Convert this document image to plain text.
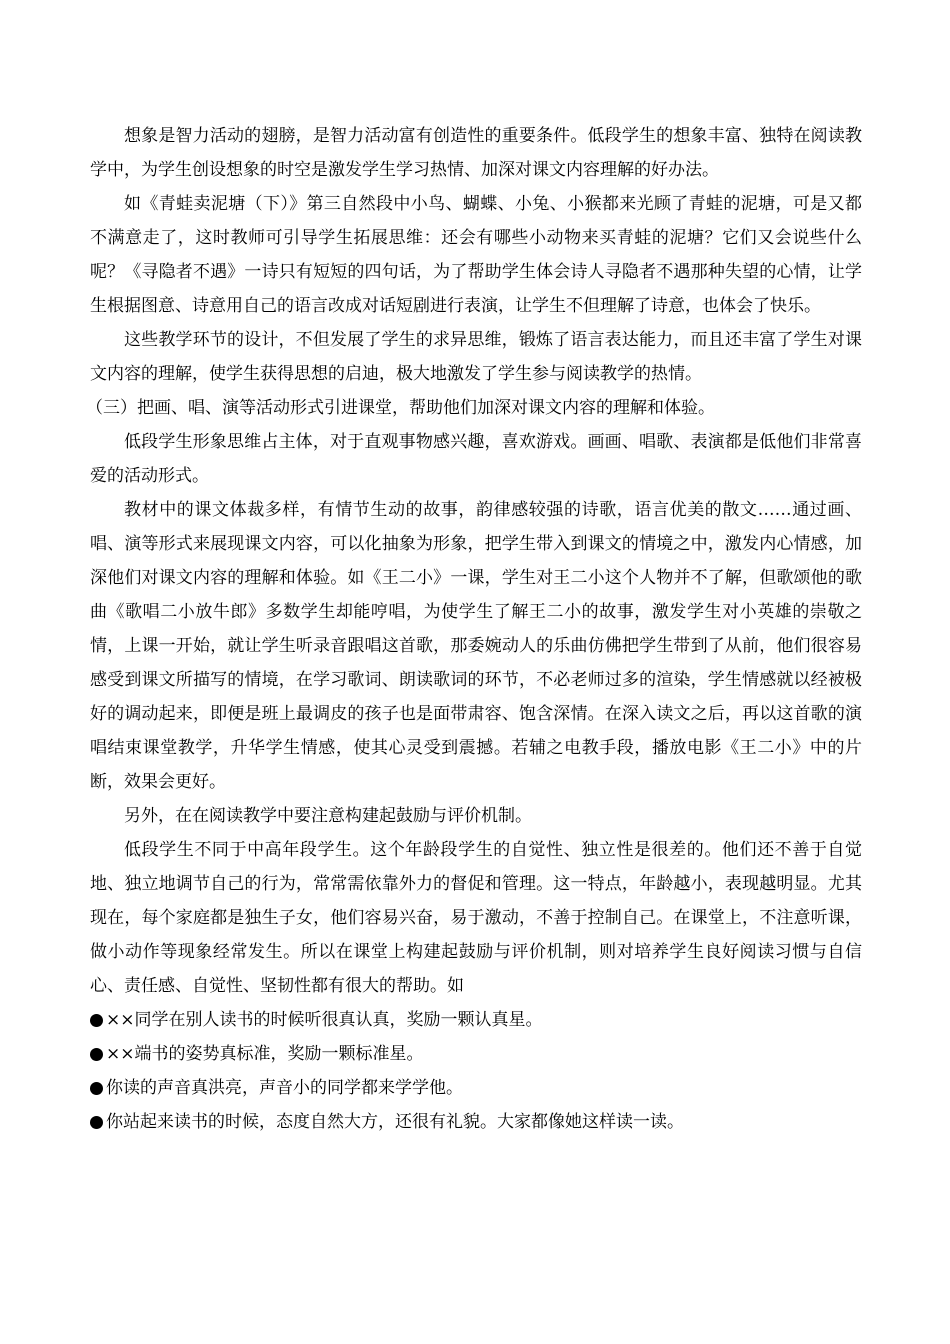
想象是智力活动的翅膀，是智力活动富有创造性的重要条件。低段学生的想象丰富、独特在阅读教学中，为学生创设想象的时空是激发学生学习热情、加深对课文内容理解的好办法。

如《青蛙卖泥塘（下）》第三自然段中小鸟、蝴蝶、小兔、小猴都来光顾了青蛙的泥塘，可是又都不满意走了，这时教师可引导学生拓展思维：还会有哪些小动物来买青蛙的泥塘？它们又会说些什么呢？《寻隐者不遇》一诗只有短短的四句话，为了帮助学生体会诗人寻隐者不遇那种失望的心情，让学生根据图意、诗意用自己的语言改成对话短剧进行表演，让学生不但理解了诗意，也体会了快乐。

这些教学环节的设计，不但发展了学生的求异思维，锻炼了语言表达能力，而且还丰富了学生对课文内容的理解，使学生获得思想的启迪，极大地激发了学生参与阅读教学的热情。

（三）把画、唱、演等活动形式引进课堂，帮助他们加深对课文内容的理解和体验。

低段学生形象思维占主体，对于直观事物感兴趣，喜欢游戏。画画、唱歌、表演都是低他们非常喜爱的活动形式。

教材中的课文体裁多样，有情节生动的故事，韵律感较强的诗歌，语言优美的散文……通过画、唱、演等形式来展现课文内容，可以化抽象为形象，把学生带入到课文的情境之中，激发内心情感，加深他们对课文内容的理解和体验。如《王二小》一课，学生对王二小这个人物并不了解，但歌颂他的歌曲《歌唱二小放牛郎》多数学生却能哼唱，为使学生了解王二小的故事，激发学生对小英雄的崇敬之情，上课一开始，就让学生听录音跟唱这首歌，那委婉动人的乐曲仿佛把学生带到了从前，他们很容易感受到课文所描写的情境，在学习歌词、朗读歌词的环节，不必老师过多的渲染，学生情感就以经被极好的调动起来，即便是班上最调皮的孩子也是面带肃容、饱含深情。在深入读文之后，再以这首歌的演唱结束课堂教学，升华学生情感，使其心灵受到震撼。若辅之电教手段，播放电影《王二小》中的片断，效果会更好。

另外，在在阅读教学中要注意构建起鼓励与评价机制。

低段学生不同于中高年段学生。这个年龄段学生的自觉性、独立性是很差的。他们还不善于自觉地、独立地调节自己的行为，常常需依靠外力的督促和管理。这一特点，年龄越小，表现越明显。尤其现在，每个家庭都是独生子女，他们容易兴奋，易于激动，不善于控制自己。在课堂上，不注意听课，做小动作等现象经常发生。所以在课堂上构建起鼓励与评价机制，则对培养学生良好阅读习惯与自信心、责任感、自觉性、坚韧性都有很大的帮助。如

××同学在别人读书的时候听很真认真，奖励一颗认真星。

××端书的姿势真标准，奖励一颗标准星。

你读的声音真洪亮，声音小的同学都来学学他。

你站起来读书的时候，态度自然大方，还很有礼貌。大家都像她这样读一读。
